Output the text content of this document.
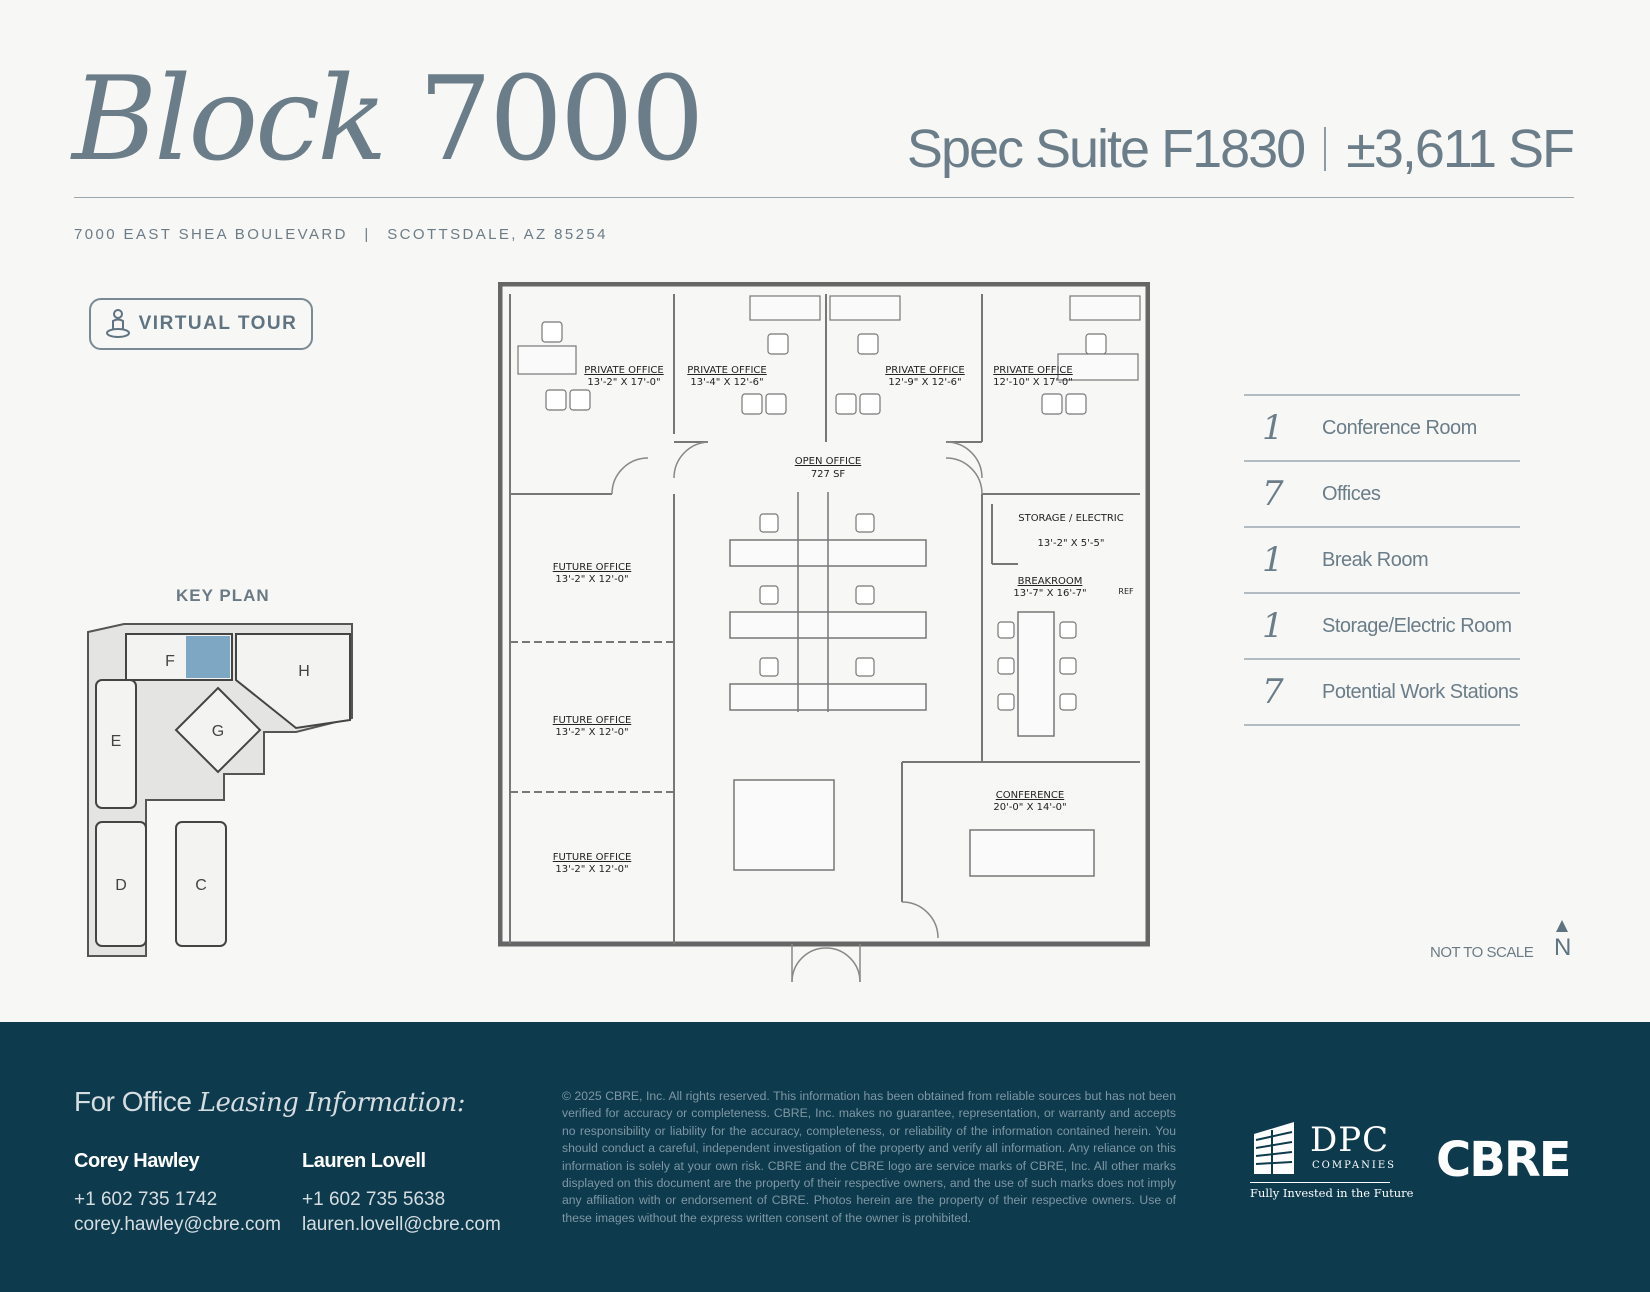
Block 7000	Spec Suite F1830 ±3,611 SF
7000 EAST SHEA BOULEVARD | SCOTTSDALE, AZ 85254
VIRTUAL TOUR
KEY PLAN
F
H
E
G
D	C
PRIVATE OFFICE
13'-2" X 17'-0"
PRIVATE OFFICE
13'-4" X 12'-6"
PRIVATE OFFICE
12'-9" X 12'-6"
PRIVATE OFFICE
12'-10" X 17'-0"
OPEN OFFICE
727 SF
STORAGE / ELECTRIC
13'-2" X 5'-5"
BREAKROOM
13'-7" X 16'-7"
FUTURE OFFICE
13'-2" X 12'-0"
FUTURE OFFICE
13'-2" X 12'-0"
FUTURE OFFICE
13'-2" X 12'-0"
CONFERENCE
20'-0" X 14'-0"
REF
1	Conference Room
7	Offices
1	Break Room
1	Storage/Electric Room
7	Potential Work Stations
NOT TO SCALE N
For Office Leasing Information:
Corey Hawley
+1 602 735 1742
corey.hawley@cbre.com
Lauren Lovell
+1 602 735 5638
lauren.lovell@cbre.com
© 2025 CBRE, Inc. All rights reserved. This information has been obtained from reliable sources but has not been verified for accuracy or completeness. CBRE, Inc. makes no guarantee, representation, or warranty and accepts no responsibility or liability for the accuracy, completeness, or reliability of the information contained herein. You should conduct a careful, independent investigation of the property and verify all information. Any reliance on this information is solely at your own risk. CBRE and the CBRE logo are service marks of CBRE, Inc. All other marks displayed on this document are the property of their respective owners, and the use of such marks does not imply any affiliation with or endorsement of CBRE. Photos herein are the property of their respective owners. Use of these images without the express written consent of the owner is prohibited.
DPC
COMPANIES
Fully Invested in the Future
CBRE
